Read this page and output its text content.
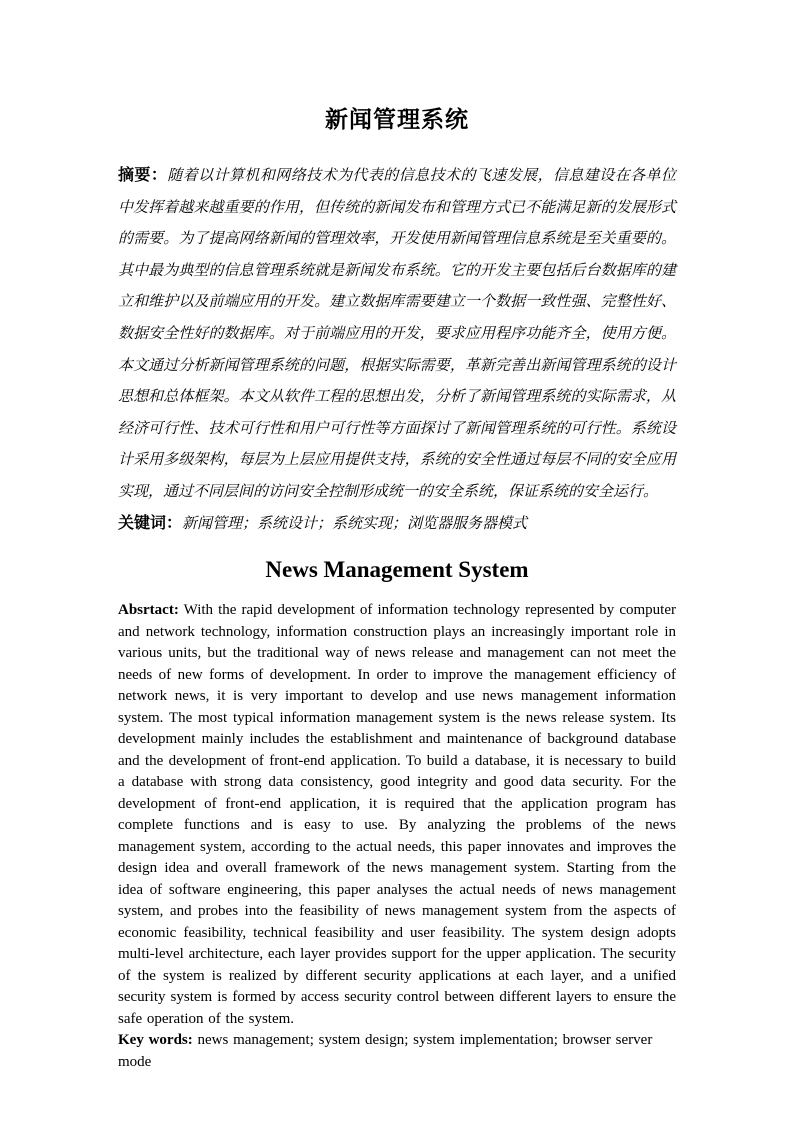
新闻管理系统

摘要：随着以计算机和网络技术为代表的信息技术的飞速发展，信息建设在各单位中发挥着越来越重要的作用，但传统的新闻发布和管理方式已不能满足新的发展形式的需要。为了提高网络新闻的管理效率，开发使用新闻管理信息系统是至关重要的。其中最为典型的信息管理系统就是新闻发布系统。它的开发主要包括后台数据库的建立和维护以及前端应用的开发。建立数据库需要建立一个数据一致性强、完整性好、数据安全性好的数据库。对于前端应用的开发，要求应用程序功能齐全，使用方便。本文通过分析新闻管理系统的问题，根据实际需要，革新完善出新闻管理系统的设计思想和总体框架。本文从软件工程的思想出发，分析了新闻管理系统的实际需求，从经济可行性、技术可行性和用户可行性等方面探讨了新闻管理系统的可行性。系统设计采用多级架构，每层为上层应用提供支持，系统的安全性通过每层不同的安全应用实现，通过不同层间的访问安全控制形成统一的安全系统，保证系统的安全运行。

关键词：新闻管理；系统设计；系统实现；浏览器服务器模式

News Management System

Absrtact: With the rapid development of information technology represented by computer and network technology, information construction plays an increasingly important role in various units, but the traditional way of news release and management can not meet the needs of new forms of development. In order to improve the management efficiency of network news, it is very important to develop and use news management information system. The most typical information management system is the news release system. Its development mainly includes the establishment and maintenance of background database and the development of front-end application. To build a database, it is necessary to build a database with strong data consistency, good integrity and good data security. For the development of front-end application, it is required that the application program has complete functions and is easy to use. By analyzing the problems of the news management system, according to the actual needs, this paper innovates and improves the design idea and overall framework of the news management system. Starting from the idea of software engineering, this paper analyses the actual needs of news management system, and probes into the feasibility of news management system from the aspects of economic feasibility, technical feasibility and user feasibility. The system design adopts multi-level architecture, each layer provides support for the upper application. The security of the system is realized by different security applications at each layer, and a unified security system is formed by access security control between different layers to ensure the safe operation of the system.

Key words: news management; system design; system implementation; browser server mode
